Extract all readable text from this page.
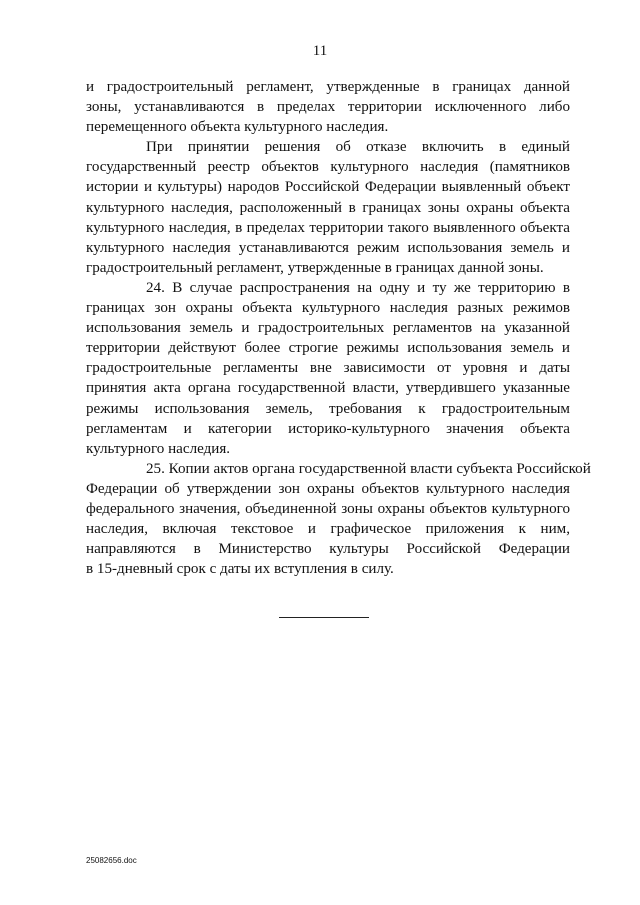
11

и градостроительный регламент, утвержденные в границах данной
зоны, устанавливаются в пределах территории исключенного либо
перемещенного объекта культурного наследия.

При принятии решения об отказе включить в единый
государственный реестр объектов культурного наследия (памятников
истории и культуры) народов Российской Федерации выявленный объект
культурного наследия, расположенный в границах зоны охраны объекта
культурного наследия, в пределах территории такого выявленного объекта
культурного наследия устанавливаются режим использования земель и
градостроительный регламент, утвержденные в границах данной зоны.

24. В случае распространения на одну и ту же территорию в
границах зон охраны объекта культурного наследия разных режимов
использования земель и градостроительных регламентов на указанной
территории действуют более строгие режимы использования земель и
градостроительные регламенты вне зависимости от уровня и даты
принятия акта органа государственной власти, утвердившего указанные
режимы использования земель, требования к градостроительным
регламентам и категории историко-культурного значения объекта
культурного наследия.

25. Копии актов органа государственной власти субъекта Российской
Федерации об утверждении зон охраны объектов культурного наследия
федерального значения, объединенной зоны охраны объектов культурного
наследия, включая текстовое и графическое приложения к ним,
направляются в Министерство культуры Российской Федерации
в 15-дневный срок с даты их вступления в силу.

25082656.doc
